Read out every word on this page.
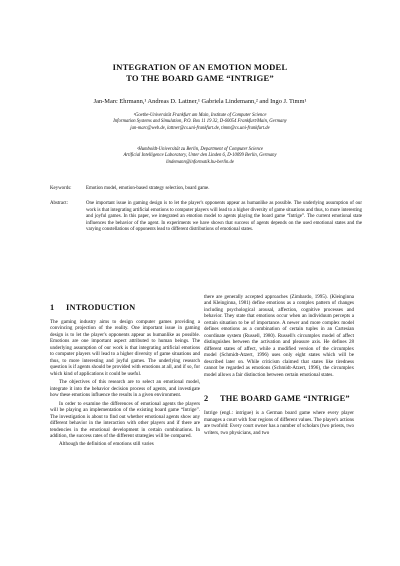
INTEGRATION OF AN EMOTION MODEL
TO THE BOARD GAME “INTRIGE”
Jan-Marc Ehrmann,¹ Andreas D. Lattner,¹ Gabriela Lindemann,² and Ingo J. Timm¹
¹Goethe-Universität Frankfurt am Main, Institute of Computer Science
Information Systems and Simulation, P.O. Box 11 19 32, D-60054 Frankfurt/Main, Germany
jan-marc@web.de, lattner@cs.uni-frankfurt.de, timm@cs.uni-frankfurt.de
²Humboldt-Universität zu Berlin, Department of Computer Science
Artificial Intelligence Laboratory, Unter den Linden 6, D-10099 Berlin, Germany
lindemann@informatik.hu-berlin.de
Keywords:	Emotion model, emotion-based strategy selection, board game.
Abstract:	One important issue in gaming design is to let the player's opponents appear as humanlike as possible. The underlying assumption of our work is that integrating artificial emotions to computer players will lead to a higher diversity of game situations and thus, to more interesting and joyful games. In this paper, we integrated an emotion model to agents playing the board game “Intrige”. The current emotional state influences the behavior of the agent. In experiments we have shown that success of agents depends on the used emotional states and the varying constellations of opponents lead to different distributions of emotional states.
1 INTRODUCTION

The gaming industry aims to design computer games providing a convincing projection of the reality. One important issue in gaming design is to let the player's opponents appear as humanlike as possible. Emotions are one important aspect attributed to human beings. The underlying assumption of our work is that integrating artificial emotions to computer players will lead to a higher diversity of game situations and thus, to more interesting and joyful games. The underlying research question is if agents should be provided with emotions at all, and if so, for which kind of applications it could be useful.

The objectives of this research are to select an emotional model, integrate it into the behavior decision process of agents, and investigate how these emotions influence the results in a given environment.

In order to examine the differences of emotional agents the players will be playing an implementation of the existing board game “Intrige”. The investigation is about to find out whether emotional agents show any different behavior in the interaction with other players and if there are tendencies in the emotional development in certain combinations. In addition, the success rates of the different strategies will be compared.

Although the definition of emotions still varies

there are generally accepted approaches (Zimbardo, 1995). (Kleinginna and Kleinginna, 1981) define emotions as a complex pattern of changes including psychological arousal, affection, cognitive processes and behavior. They state that emotions occur when an individuum percepts a certain situation to be of importance. A newer and more complex model defines emotions as a combination of certain tuples in an Cartesian coordinate system (Russell, 1980). Russell's circumplex model of affect distinguishes between the activation and pleasure axis. He defines 28 different states of affect, while a modified version of the circumplex model (Schmidt-Atzert, 1996) uses only eight states which will be described later on. While criticism claimed that states like tiredness cannot be regarded as emotions (Schmidt-Atzert, 1996), the circumplex model allows a fair distinction between certain emotional states.

2 THE BOARD GAME “INTRIGE”

Intrige (engl.: intrigue) is a German board game where every player manages a court with four regions of different values. The player's actions are twofold: Every court owner has a number of scholars (two priests, two writers, two physicians, and two
